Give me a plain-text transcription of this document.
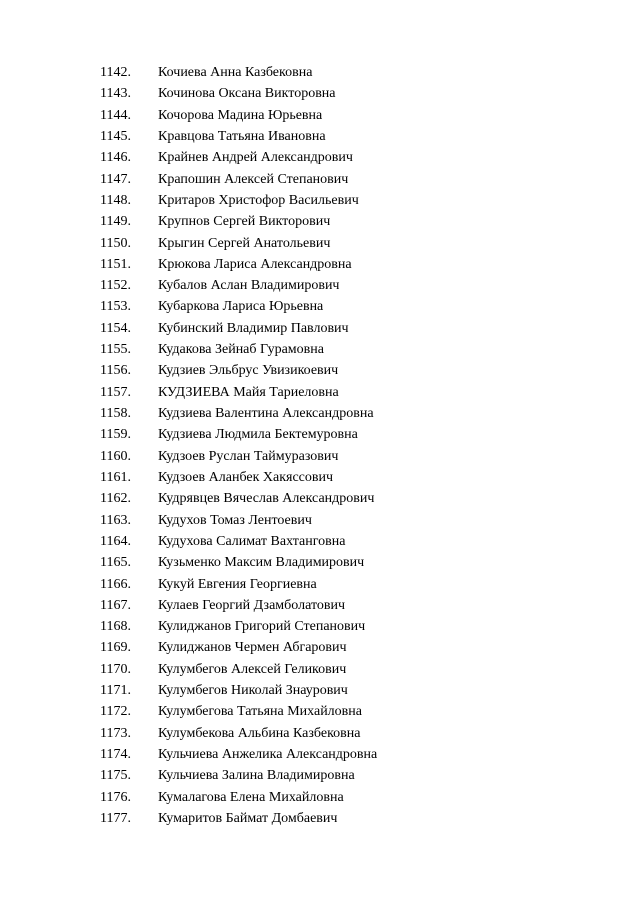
1142.	Кочиева Анна Казбековна
1143.	Кочинова Оксана Викторовна
1144.	Кочорова Мадина Юрьевна
1145.	Кравцова Татьяна Ивановна
1146.	Крайнев Андрей Александрович
1147.	Крапошин Алексей Степанович
1148.	Критаров Христофор Васильевич
1149.	Крупнов Сергей Викторович
1150.	Крыгин Сергей Анатольевич
1151.	Крюкова Лариса Александровна
1152.	Кубалов Аслан Владимирович
1153.	Кубаркова Лариса Юрьевна
1154.	Кубинский Владимир Павлович
1155.	Кудакова Зейнаб Гурамовна
1156.	Кудзиев Эльбрус Увизикоевич
1157.	КУДЗИЕВА Майя Тариеловна
1158.	Кудзиева Валентина Александровна
1159.	Кудзиева Людмила Бектемуровна
1160.	Кудзоев Руслан Таймуразович
1161.	Кудзоев Аланбек Хакяссович
1162.	Кудрявцев Вячеслав Александрович
1163.	Кудухов Томаз Лентоевич
1164.	Кудухова Салимат Вахтанговна
1165.	Кузьменко Максим Владимирович
1166.	Кукуй Евгения Георгиевна
1167.	Кулаев Георгий Дзамболатович
1168.	Кулиджанов Григорий Степанович
1169.	Кулиджанов Чермен Абгарович
1170.	Кулумбегов Алексей Геликович
1171.	Кулумбегов Николай Знаурович
1172.	Кулумбегова Татьяна Михайловна
1173.	Кулумбекова Альбина Казбековна
1174.	Кульчиева Анжелика Александровна
1175.	Кульчиева Залина Владимировна
1176.	Кумалагова Елена Михайловна
1177.	Кумаритов Баймат Домбаевич
